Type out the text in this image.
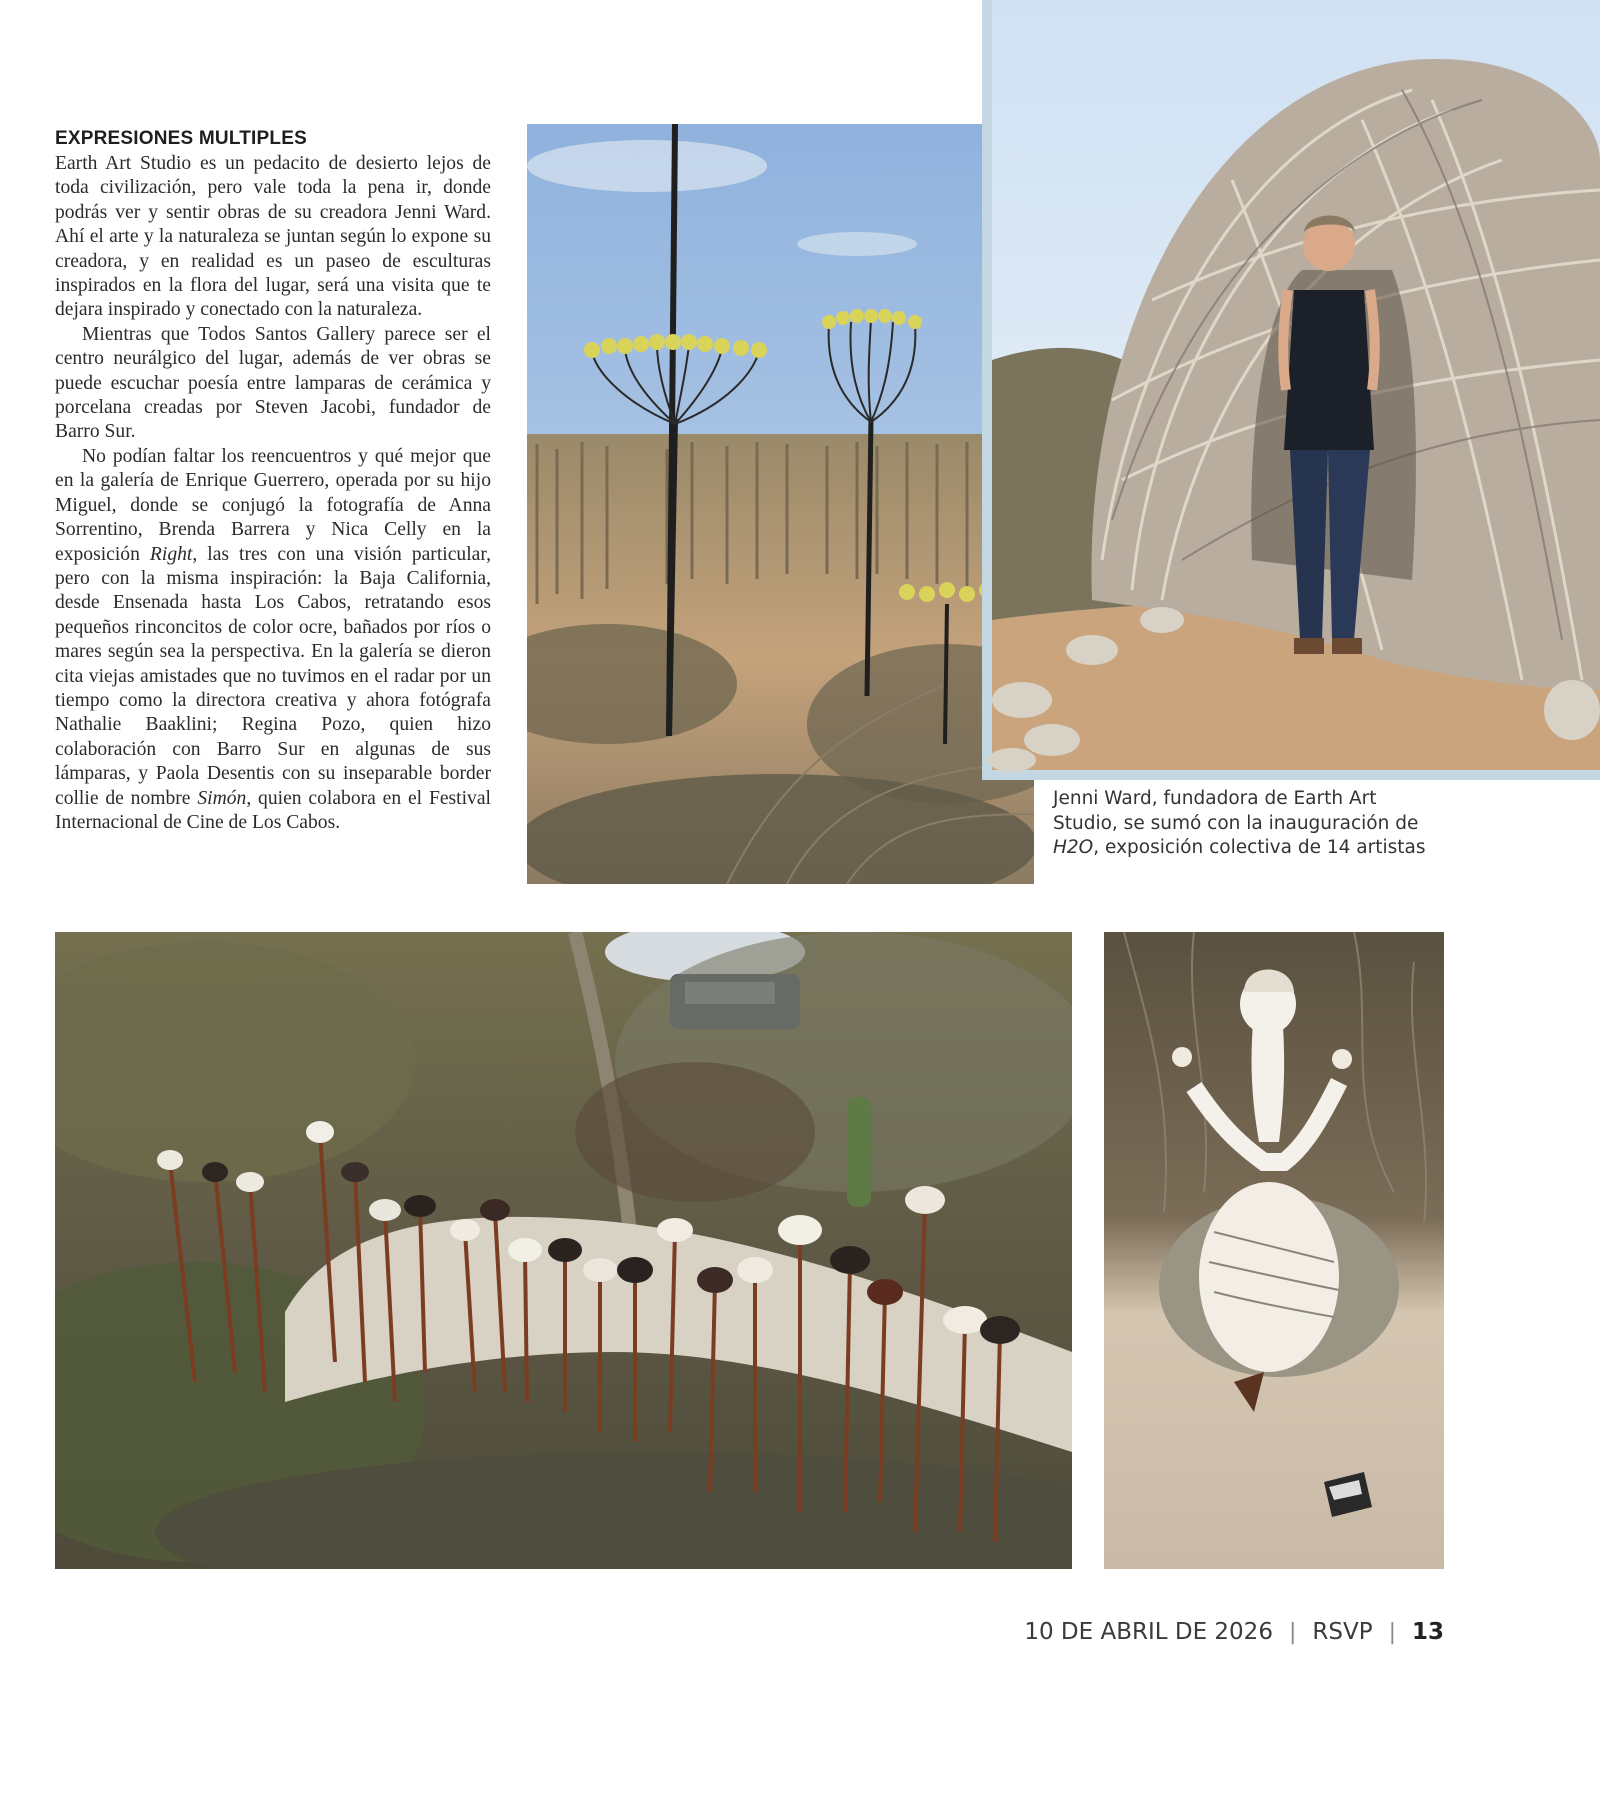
EXPRESIONES MULTIPLES

Earth Art Studio es un pedacito de desierto lejos de toda civilización, pero vale toda la pena ir, donde podrás ver y sentir obras de su creadora Jenni Ward. Ahí el arte y la naturaleza se juntan según lo expone su creadora, y en realidad es un paseo de esculturas inspirados en la flora del lugar, será una visita que te dejara inspirado y conectado con la naturaleza.

Mientras que Todos Santos Gallery parece ser el centro neurálgico del lugar, además de ver obras se puede escuchar poesía entre lamparas de cerámica y porcelana creadas por Steven Jacobi, fundador de Barro Sur.

No podían faltar los reencuentros y qué mejor que en la galería de Enrique Guerrero, operada por su hijo Miguel, donde se conjugó la fotografía de Anna Sorrentino, Brenda Barrera y Nica Celly en la exposición Right, las tres con una visión particular, pero con la misma inspiración: la Baja California, desde Ensenada hasta Los Cabos, retratando esos pequeños rinconcitos de color ocre, bañados por ríos o mares según sea la perspectiva. En la galería se dieron cita viejas amistades que no tuvimos en el radar por un tiempo como la directora creativa y ahora fotógrafa Nathalie Baaklini; Regina Pozo, quien hizo colaboración con Barro Sur en algunas de sus lámparas, y Paola Desentis con su inseparable border collie de nombre Simón, quien colabora en el Festival Internacional de Cine de Los Cabos.

Jenni Ward, fundadora de Earth Art Studio, se sumó con la inauguración de H2O, exposición colectiva de 14 artistas

10 DE ABRIL DE 2026 | RSVP | 13
